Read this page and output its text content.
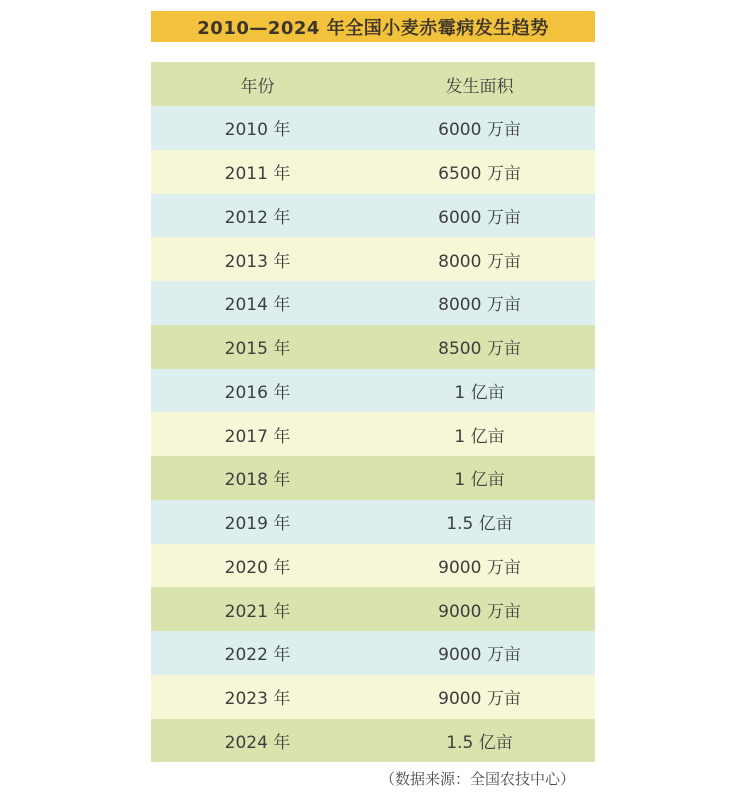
2010—2024 年全国小麦赤霉病发生趋势
年份	发生面积
2010 年	6000 万亩
2011 年	6500 万亩
2012 年	6000 万亩
2013 年	8000 万亩
2014 年	8000 万亩
2015 年	8500 万亩
2016 年	1 亿亩
2017 年	1 亿亩
2018 年	1 亿亩
2019 年	1.5 亿亩
2020 年	9000 万亩
2021 年	9000 万亩
2022 年	9000 万亩
2023 年	9000 万亩
2024 年	1.5 亿亩
（数据来源：全国农技中心）
